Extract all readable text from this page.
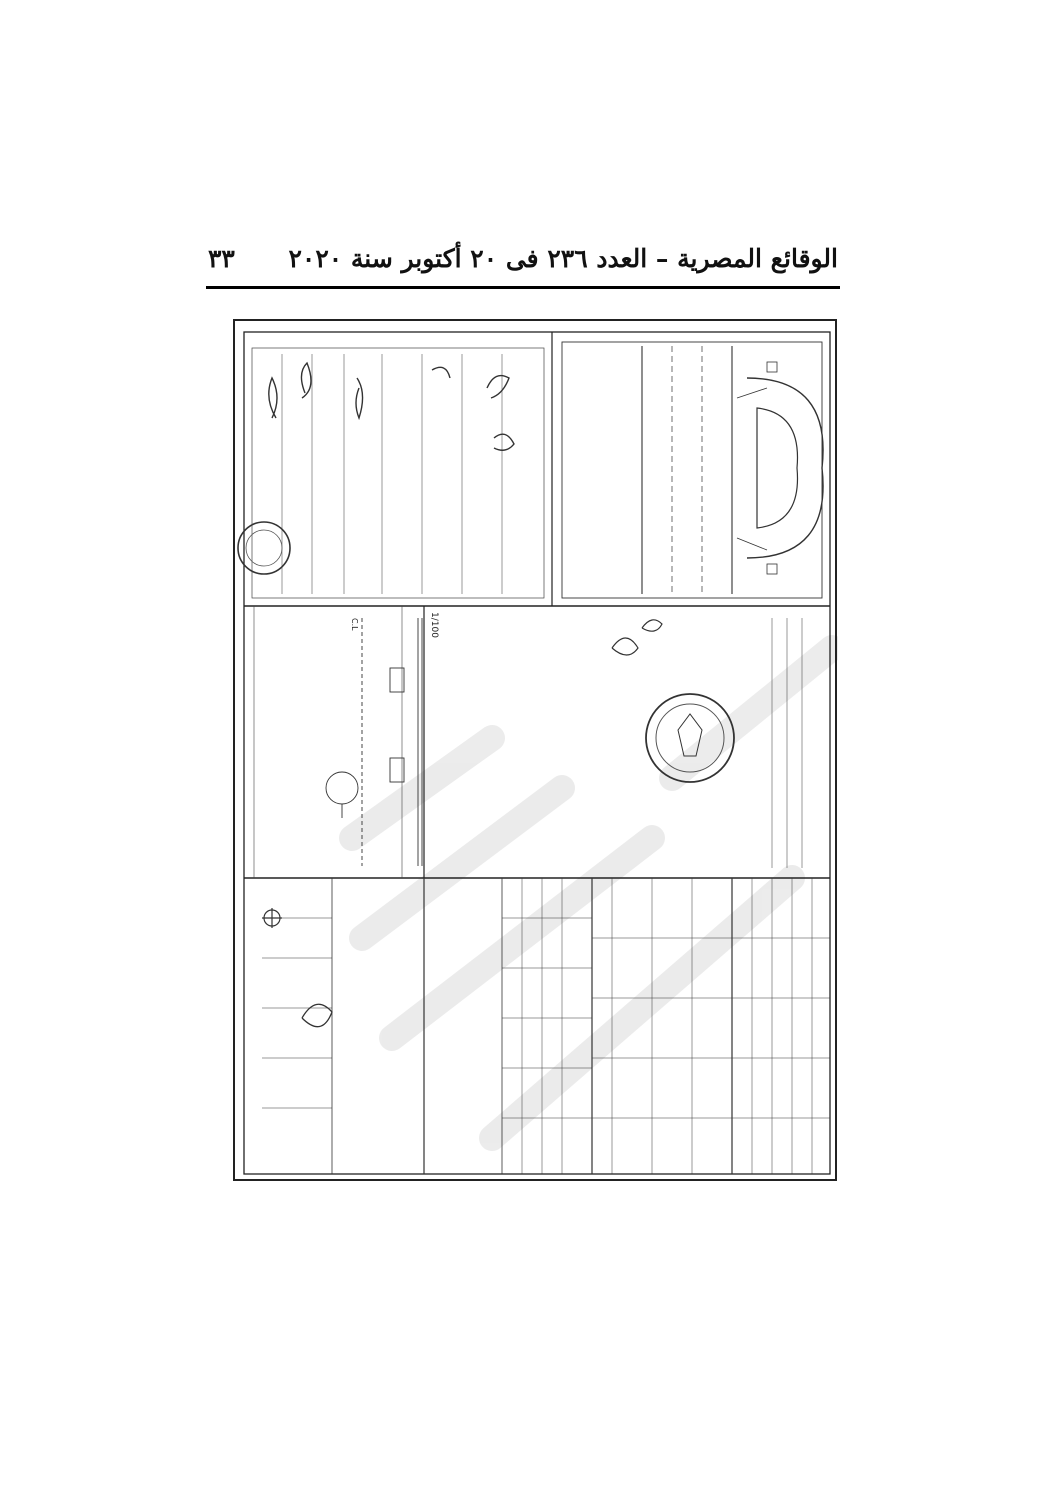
الوقائع المصرية – العدد ٢٣٦ فى ٢٠ أكتوبر سنة ٢٠٢٠
٣٣
C.L	1/100
